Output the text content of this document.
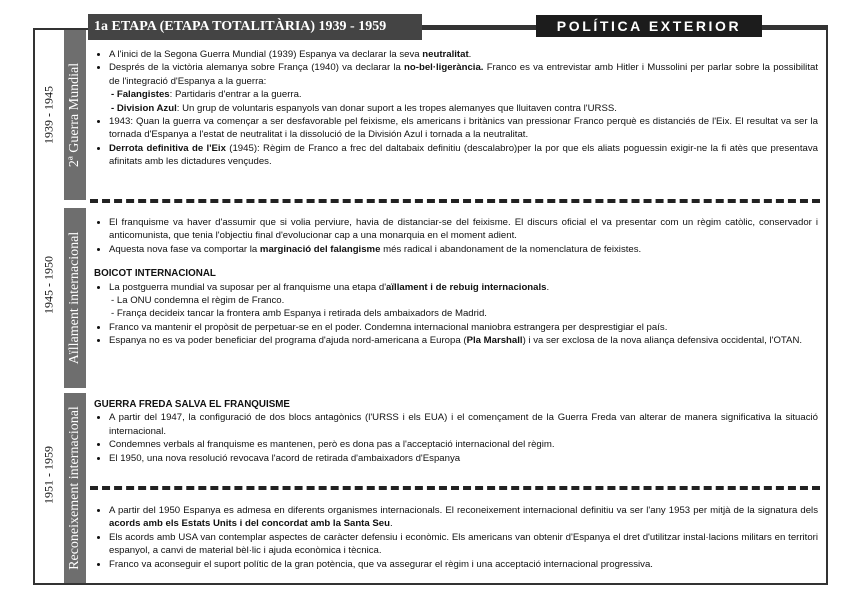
1a ETAPA (ETAPA TOTALITÀRIA) 1939 - 1959	POLÍTICA EXTERIOR
2ª Guerra Mundial
Aïllament internacional
Reconeixement internacional
1939 - 1945
1945 - 1950
1951 - 1959
• A l'inici de la Segona Guerra Mundial (1939) Espanya va declarar la seva neutralitat.
• Després de la victòria alemanya sobre França (1940) va declarar la no-bel·ligerància. Franco es va entrevistar amb Hitler i Mussolini per parlar sobre la possibilitat de l'integració d'Espanya a la guerra:
- Falangistes: Partidaris d'entrar a la guerra.
- Division Azul: Un grup de voluntaris espanyols van donar suport a les tropes alemanyes que lluitaven contra l'URSS.
• 1943: Quan la guerra va començar a ser desfavorable pel feixisme, els americans i britànics van pressionar Franco perquè es distanciés de l'Eix. El resultat va ser la tornada d'Espanya a l'estat de neutralitat i la dissolució de la División Azul i tornada a la neutralitat.
• Derrota definitiva de l'Eix (1945): Règim de Franco a frec del daltabaix definitiu (descalabro)per la por que els aliats poguessin exigir-ne la fi atès que presentava afinitats amb les dictadures vençudes.
• El franquisme va haver d'assumir que si volia perviure, havia de distanciar-se del feixisme. El discurs oficial el va presentar com un règim catòlic, conservador i anticomunista, que tenia l'objectiu final d'evolucionar cap a una monarquia en el moment adient.
• Aquesta nova fase va comportar la marginació del falangisme més radical i abandonament de la nomenclatura de feixistes.
BOICOT INTERNACIONAL
• La postguerra mundial va suposar per al franquisme una etapa d'aïllament i de rebuig internacionals.
- La ONU condemna el règim de Franco.
- França decideix tancar la frontera amb Espanya i retirada dels ambaixadors de Madrid.
• Franco va mantenir el propòsit de perpetuar-se en el poder. Condemna internacional maniobra estrangera per desprestigiar el país.
• Espanya no es va poder beneficiar del programa d'ajuda nord-americana a Europa (Pla Marshall) i va ser exclosa de la nova aliança defensiva occidental, l'OTAN.
GUERRA FREDA SALVA EL FRANQUISME
• A partir del 1947, la configuració de dos blocs antagònics (l'URSS i els EUA) i el començament de la Guerra Freda van alterar de manera significativa la situació internacional.
• Condemnes verbals al franquisme es mantenen, però es dona pas a l'acceptació internacional del règim.
• El 1950, una nova resolució revocava l'acord de retirada d'ambaixadors d'Espanya
• A partir del 1950 Espanya es admesa en diferents organismes internacionals. El reconeixement internacional definitiu va ser l'any 1953 per mitjà de la signatura dels acords amb els Estats Units i del concordat amb la Santa Seu.
• Els acords amb USA van contemplar aspectes de caràcter defensiu i econòmic. Els americans van obtenir d'Espanya el dret d'utilitzar instal·lacions militars en territori espanyol, a canvi de material bèl·lic i ajuda econòmica i tècnica.
• Franco va aconseguir el suport polític de la gran potència, que va assegurar el règim i una acceptació internacional progressiva.
